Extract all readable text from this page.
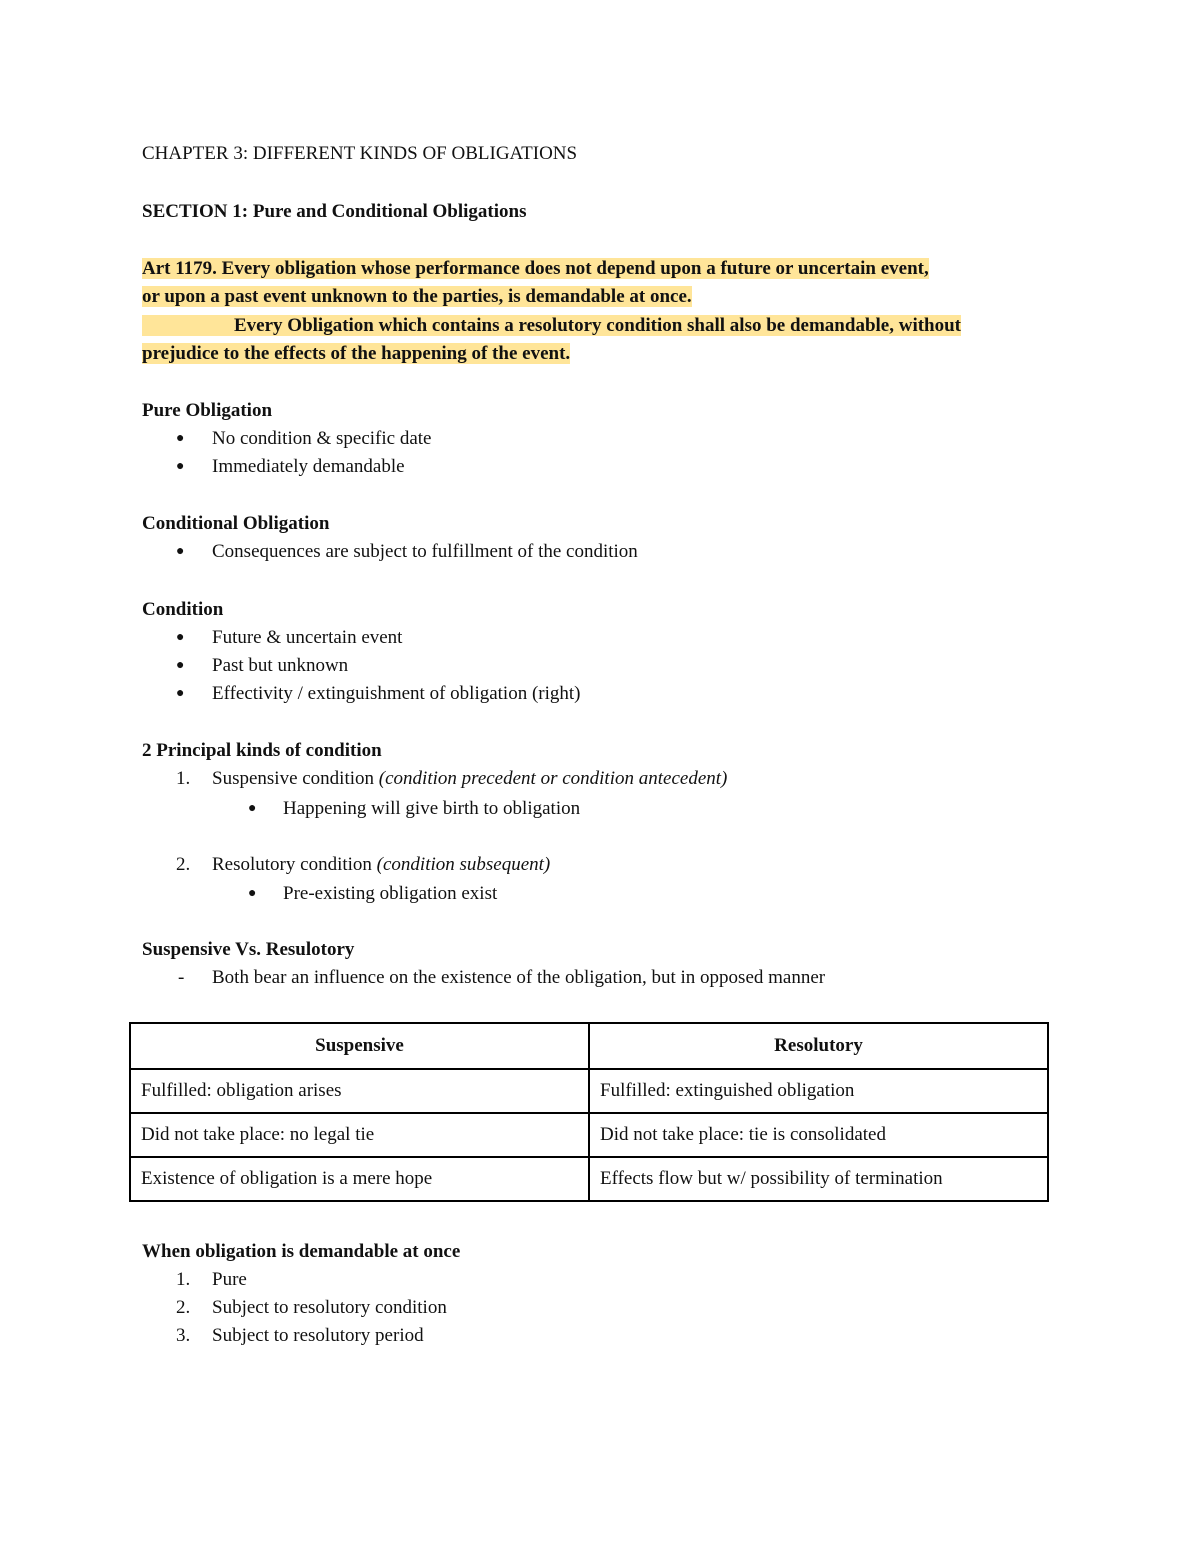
CHAPTER 3: DIFFERENT KINDS OF OBLIGATIONS
SECTION 1: Pure and Conditional Obligations
Art 1179. Every obligation whose performance does not depend upon a future or uncertain event,
or upon a past event unknown to the parties, is demandable at once.
Every Obligation which contains a resolutory condition shall also be demandable, without
prejudice to the effects of the happening of the event.
Pure Obligation
● No condition & specific date
● Immediately demandable
Conditional Obligation
● Consequences are subject to fulfillment of the condition
Condition
● Future & uncertain event
● Past but unknown
● Effectivity / extinguishment of obligation (right)
2 Principal kinds of condition
1. Suspensive condition (condition precedent or condition antecedent)
● Happening will give birth to obligation
2. Resolutory condition (condition subsequent)
● Pre-existing obligation exist
Suspensive Vs. Resulotory
- Both bear an influence on the existence of the obligation, but in opposed manner
Suspensive	Resolutory
Fulfilled: obligation arises	Fulfilled: extinguished obligation
Did not take place: no legal tie	Did not take place: tie is consolidated
Existence of obligation is a mere hope	Effects flow but w/ possibility of termination
When obligation is demandable at once
1. Pure
2. Subject to resolutory condition
3. Subject to resolutory period
